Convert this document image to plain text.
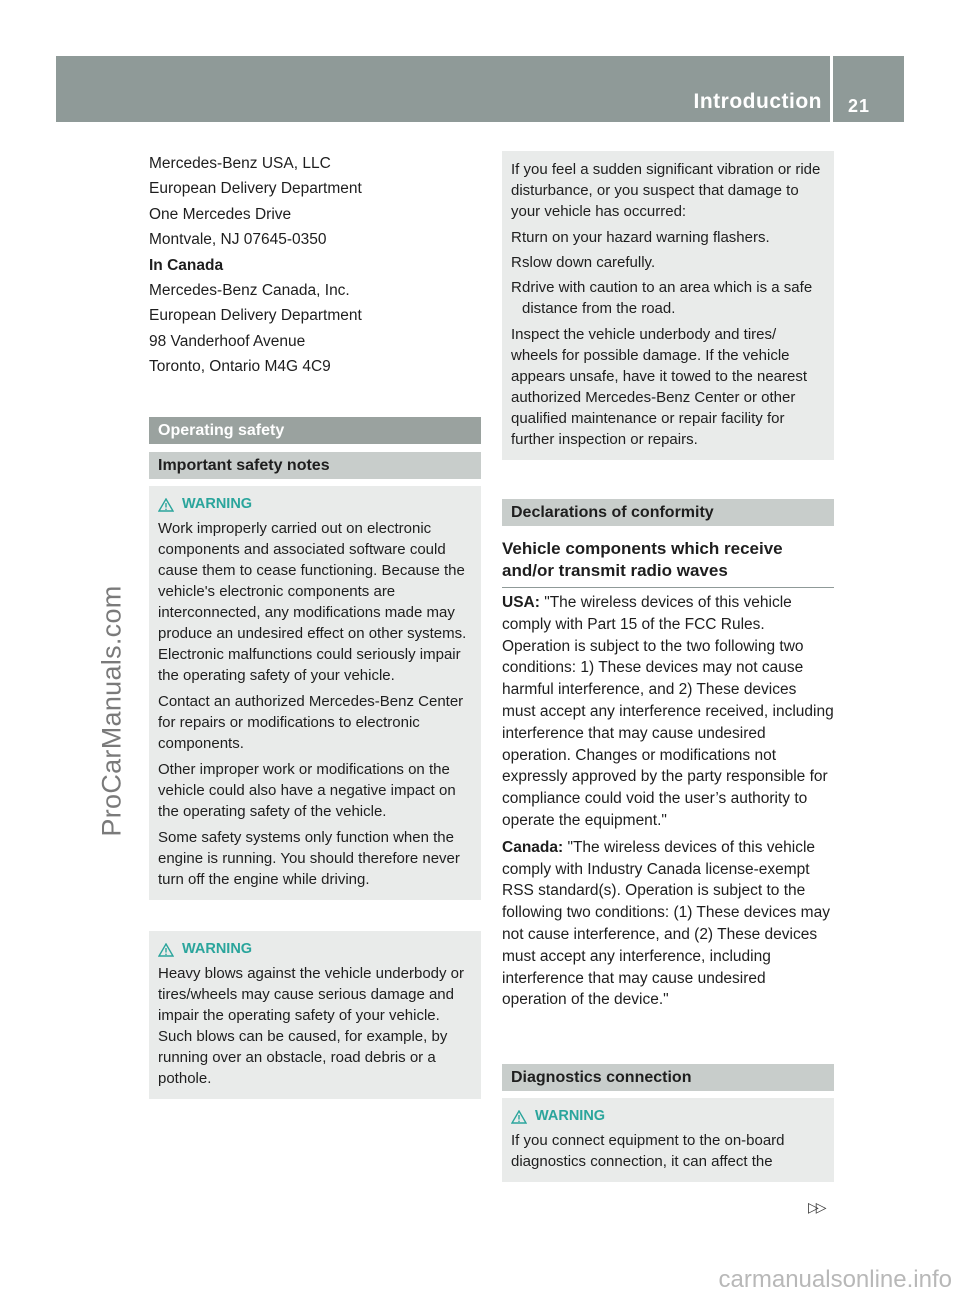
Introduction 21
ProCarManuals.com
carmanualsonline.info
Mercedes-Benz USA, LLC
European Delivery Department
One Mercedes Drive
Montvale, NJ 07645-0350
In Canada
Mercedes-Benz Canada, Inc.
European Delivery Department
98 Vanderhoof Avenue
Toronto, Ontario M4G 4C9
Operating safety
Important safety notes
WARNING

Work improperly carried out on electronic components and associated software could cause them to cease functioning. Because the vehicle's electronic components are interconnected, any modifications made may produce an undesired effect on other systems. Electronic malfunctions could seriously impair the operating safety of your vehicle.

Contact an authorized Mercedes-Benz Center for repairs or modifications to electronic components.

Other improper work or modifications on the vehicle could also have a negative impact on the operating safety of the vehicle.

Some safety systems only function when the engine is running. You should therefore never turn off the engine while driving.

WARNING

Heavy blows against the vehicle underbody or tires/wheels may cause serious damage and impair the operating safety of your vehicle. Such blows can be caused, for example, by running over an obstacle, road debris or a pothole.

If you feel a sudden significant vibration or ride disturbance, or you suspect that damage to your vehicle has occurred:

R turn on your hazard warning flashers.
R slow down carefully.
R drive with caution to an area which is a safe distance from the road.

Inspect the vehicle underbody and tires/ wheels for possible damage. If the vehicle appears unsafe, have it towed to the nearest authorized Mercedes-Benz Center or other qualified maintenance or repair facility for further inspection or repairs.

Declarations of conformity
Vehicle components which receive and/or transmit radio waves

USA: "The wireless devices of this vehicle comply with Part 15 of the FCC Rules. Operation is subject to the two following two conditions: 1) These devices may not cause harmful interference, and 2) These devices must accept any interference received, including interference that may cause undesired operation. Changes or modifications not expressly approved by the party responsible for compliance could void the user’s authority to operate the equipment."

Canada: "The wireless devices of this vehicle comply with Industry Canada license-exempt RSS standard(s). Operation is subject to the following two conditions: (1) These devices may not cause interference, and (2) These devices must accept any interference, including interference that may cause undesired operation of the device."

Diagnostics connection
WARNING

If you connect equipment to the on-board diagnostics connection, it can affect the

▷▷
